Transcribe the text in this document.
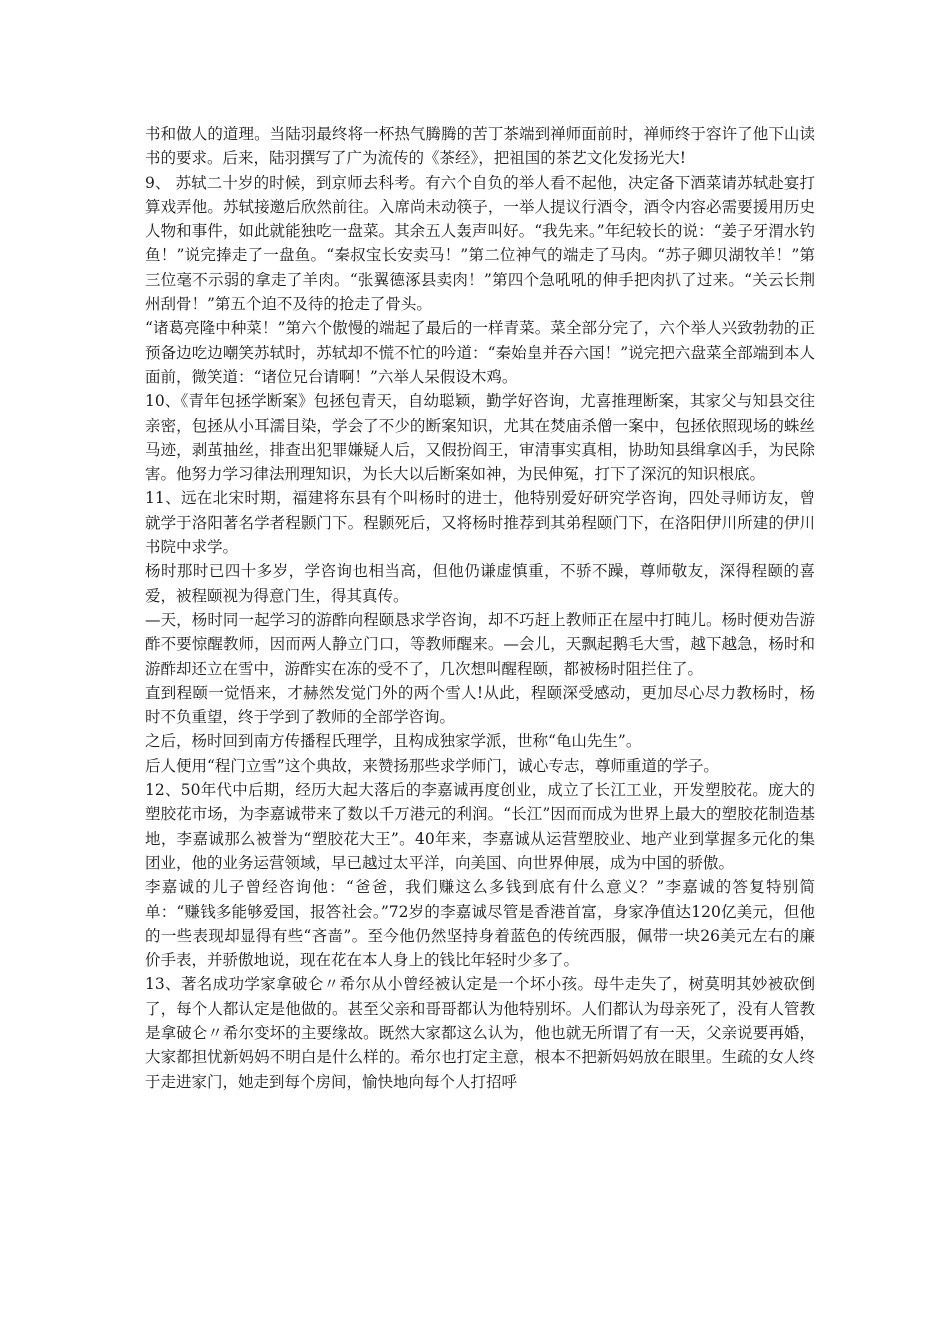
书和做人的道理。当陆羽最终将一杯热气腾腾的苦丁茶端到禅师面前时，禅师终于容许了他下山读书的要求。后来，陆羽撰写了广为流传的《茶经》，把祖国的茶艺文化发扬光大!

9、 苏轼二十岁的时候，到京师去科考。有六个自负的举人看不起他，决定备下酒菜请苏轼赴宴打算戏弄他。苏轼接邀后欣然前往。入席尚未动筷子，一举人提议行酒令，酒令内容必需要援用历史人物和事件，如此就能独吃一盘菜。其余五人轰声叫好。“我先来。”年纪较长的说：“姜子牙渭水钓鱼！”说完捧走了一盘鱼。“秦叔宝长安卖马！”第二位神气的端走了马肉。“苏子卿贝湖牧羊！”第三位毫不示弱的拿走了羊肉。“张翼德涿县卖肉！”第四个急吼吼的伸手把肉扒了过来。“关云长荆州刮骨！”第五个迫不及待的抢走了骨头。

“诸葛亮隆中种菜！”第六个傲慢的端起了最后的一样青菜。菜全部分完了，六个举人兴致勃勃的正预备边吃边嘲笑苏轼时，苏轼却不慌不忙的吟道：“秦始皇并吞六国！”说完把六盘菜全部端到本人面前，微笑道：“诸位兄台请啊！”六举人呆假设木鸡。

10、《青年包拯学断案》包拯包青天，自幼聪颖，勤学好咨询，尤喜推理断案，其家父与知县交往亲密，包拯从小耳濡目染，学会了不少的断案知识，尤其在焚庙杀僧一案中，包拯依照现场的蛛丝马迹，剥茧抽丝，排查出犯罪嫌疑人后，又假扮阎王，审清事实真相，协助知县缉拿凶手，为民除害。他努力学习律法刑理知识，为长大以后断案如神，为民伸冤，打下了深沉的知识根底。

11、远在北宋时期，福建将东县有个叫杨时的进士，他特别爱好研究学咨询，四处寻师访友，曾就学于洛阳著名学者程颢门下。程颢死后，又将杨时推荐到其弟程颐门下，在洛阳伊川所建的伊川书院中求学。

杨时那时已四十多岁，学咨询也相当高，但他仍谦虚慎重，不骄不躁，尊师敬友，深得程颐的喜爱，被程颐视为得意门生，得其真传。

—天，杨时同一起学习的游酢向程颐恳求学咨询，却不巧赶上教师正在屋中打盹儿。杨时便劝告游酢不要惊醒教师，因而两人静立门口，等教师醒来。—会儿，天飘起鹅毛大雪，越下越急，杨时和游酢却还立在雪中，游酢实在冻的受不了，几次想叫醒程颐，都被杨时阻拦住了。

直到程颐一觉悟来，才赫然发觉门外的两个雪人!从此，程颐深受感动，更加尽心尽力教杨时，杨时不负重望，终于学到了教师的全部学咨询。

之后，杨时回到南方传播程氏理学，且构成独家学派，世称“龟山先生”。

后人便用“程门立雪”这个典故，来赞扬那些求学师门，诚心专志，尊师重道的学子。

12、50年代中后期，经历大起大落后的李嘉诚再度创业，成立了长江工业，开发塑胶花。庞大的塑胶花市场，为李嘉诚带来了数以千万港元的利润。“长江”因而而成为世界上最大的塑胶花制造基地，李嘉诚那么被誉为“塑胶花大王”。40年来，李嘉诚从运营塑胶业、地产业到掌握多元化的集团业，他的业务运营领域，早已越过太平洋，向美国、向世界伸展，成为中国的骄傲。

李嘉诚的儿子曾经咨询他：“爸爸，我们赚这么多钱到底有什么意义？”李嘉诚的答复特别简单：“赚钱多能够爱国，报答社会。”72岁的李嘉诚尽管是香港首富，身家净值达120亿美元，但他的一些表现却显得有些“吝啬”。至今他仍然坚持身着蓝色的传统西服，佩带一块26美元左右的廉价手表，并骄傲地说，现在花在本人身上的钱比年轻时少多了。

13、著名成功学家拿破仑〃希尔从小曾经被认定是一个坏小孩。母牛走失了，树莫明其妙被砍倒了，每个人都认定是他做的。甚至父亲和哥哥都认为他特别坏。人们都认为母亲死了，没有人管教是拿破仑〃希尔变坏的主要缘故。既然大家都这么认为，他也就无所谓了有一天，父亲说要再婚，大家都担忧新妈妈不明白是什么样的。希尔也打定主意，根本不把新妈妈放在眼里。生疏的女人终于走进家门，她走到每个房间，愉快地向每个人打招呼
